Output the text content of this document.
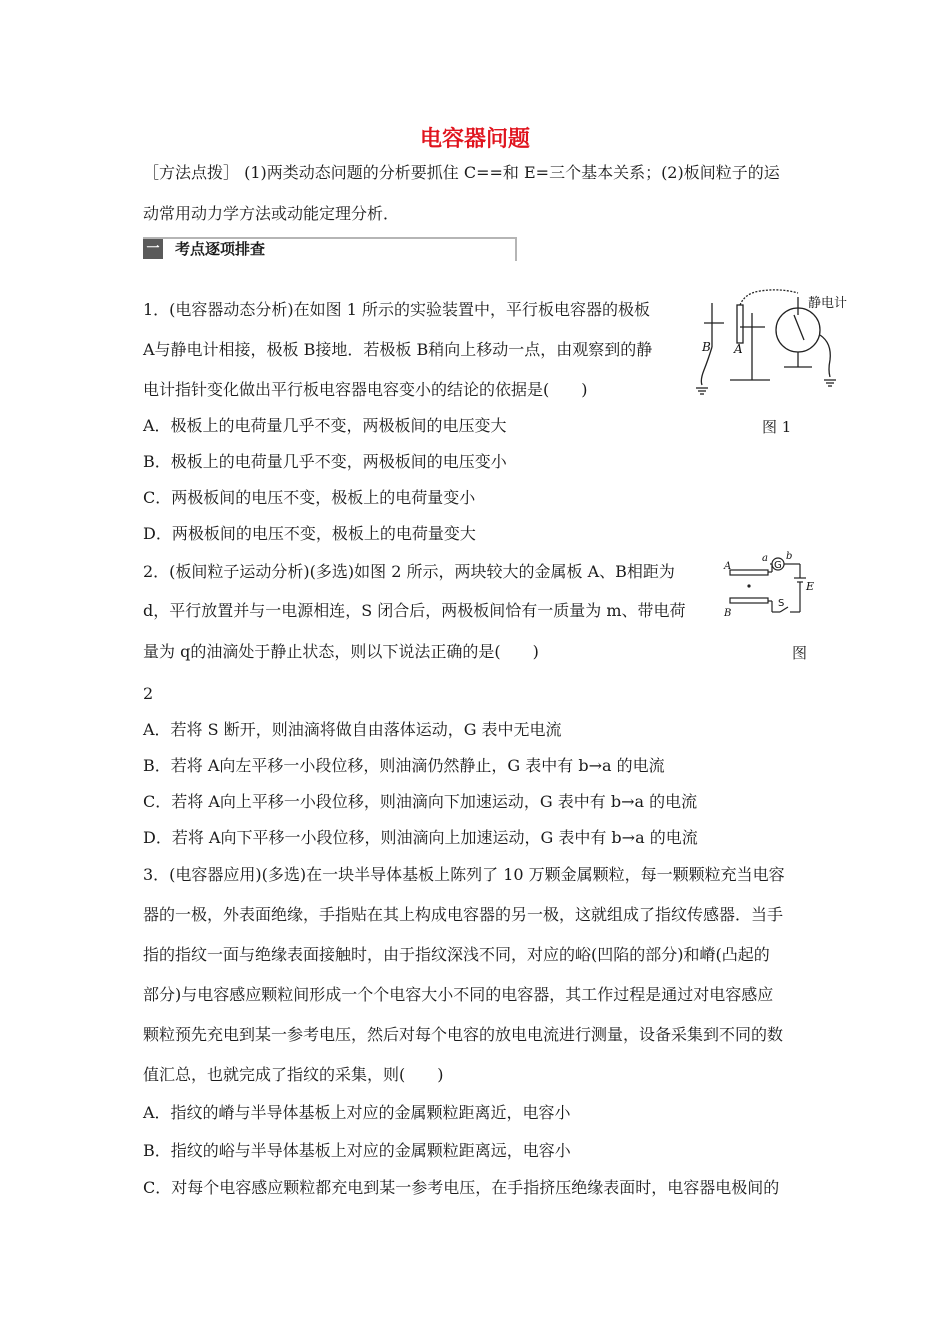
电容器问题
［方法点拨］ (1)两类动态问题的分析要抓住 C==和 E=三个基本关系；(2)板间粒子的运
动常用动力学方法或动能定理分析．
一 考点逐项排查
1．(电容器动态分析)在如图 1 所示的实验装置中，平行板电容器的极板
A与静电计相接，极板 B接地．若极板 B稍向上移动一点，由观察到的静
电计指针变化做出平行板电容器电容变小的结论的依据是(　　)
A．极板上的电荷量几乎不变，两极板间的电压变大
B．极板上的电荷量几乎不变，两极板间的电压变小
C．两极板间的电压不变，极板上的电荷量变小
D．两极板间的电压不变，极板上的电荷量变大
图 1
静电计
B A
2．(板间粒子运动分析)(多选)如图 2 所示，两块较大的金属板 A、B相距为
d，平行放置并与一电源相连，S 闭合后，两极板间恰有一质量为 m、带电荷
量为 q的油滴处于静止状态，则以下说法正确的是(　　)	图
2
A．若将 S 断开，则油滴将做自由落体运动，G 表中无电流
B．若将 A向左平移一小段位移，则油滴仍然静止，G 表中有 b→a 的电流
C．若将 A向上平移一小段位移，则油滴向下加速运动，G 表中有 b→a 的电流
D．若将 A向下平移一小段位移，则油滴向上加速运动，G 表中有 b→a 的电流
G
a b
E
S
A
B
3．(电容器应用)(多选)在一块半导体基板上陈列了 10 万颗金属颗粒，每一颗颗粒充当电容
器的一极，外表面绝缘，手指贴在其上构成电容器的另一极，这就组成了指纹传感器．当手
指的指纹一面与绝缘表面接触时，由于指纹深浅不同，对应的峪(凹陷的部分)和嵴(凸起的
部分)与电容感应颗粒间形成一个个电容大小不同的电容器，其工作过程是通过对电容感应
颗粒预先充电到某一参考电压，然后对每个电容的放电电流进行测量，设备采集到不同的数
值汇总，也就完成了指纹的采集，则(　　)
A．指纹的嵴与半导体基板上对应的金属颗粒距离近，电容小
B．指纹的峪与半导体基板上对应的金属颗粒距离远，电容小
C．对每个电容感应颗粒都充电到某一参考电压，在手指挤压绝缘表面时，电容器电极间的
